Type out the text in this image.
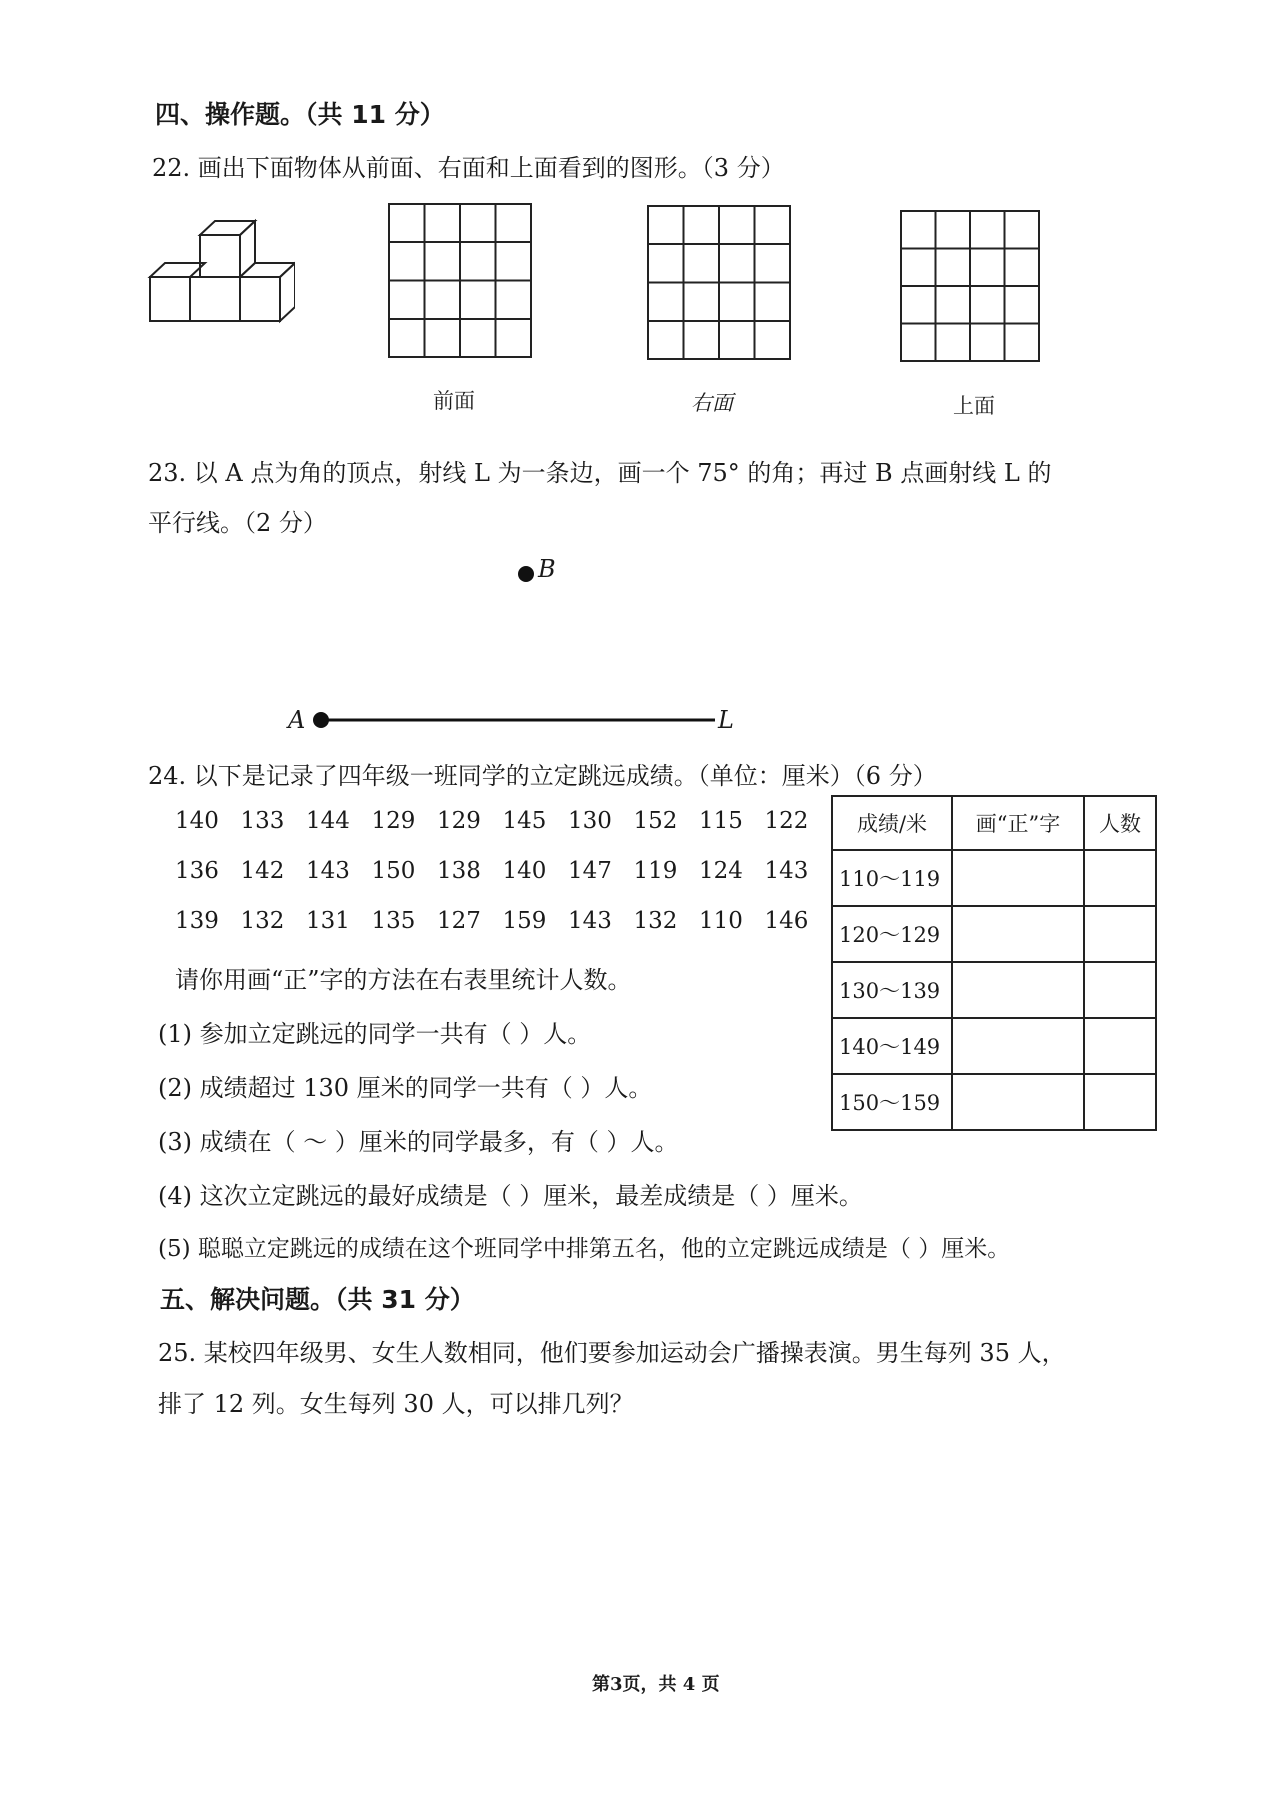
四、操作题。（共 11 分）
22. 画出下面物体从前面、右面和上面看到的图形。（3 分）
前面	右面	上面
23. 以 A 点为角的顶点，射线 L 为一条边，画一个 75° 的角；再过 B 点画射线 L 的
平行线。（2 分）
B
A	L
24. 以下是记录了四年级一班同学的立定跳远成绩。（单位：厘米）（6 分）
140 133 144 129 129 145 130 152 115 122
136 142 143 150 138 140 147 119 124 143
139 132 131 135 127 159 143 132 110 146
请你用画“正”字的方法在右表里统计人数。
(1) 参加立定跳远的同学一共有（ ）人。
(2) 成绩超过 130 厘米的同学一共有（ ）人。
(3) 成绩在（ ～ ）厘米的同学最多，有（ ）人。
(4) 这次立定跳远的最好成绩是（ ）厘米，最差成绩是（ ）厘米。
(5) 聪聪立定跳远的成绩在这个班同学中排第五名，他的立定跳远成绩是（ ）厘米。
成绩/米	画“正”字	人数
110～119		
120～129		
130～139		
140～149		
150～159		
五、解决问题。（共 31 分）
25. 某校四年级男、女生人数相同，他们要参加运动会广播操表演。男生每列 35 人，
排了 12 列。女生每列 30 人，可以排几列？
第3页，共 4 页
